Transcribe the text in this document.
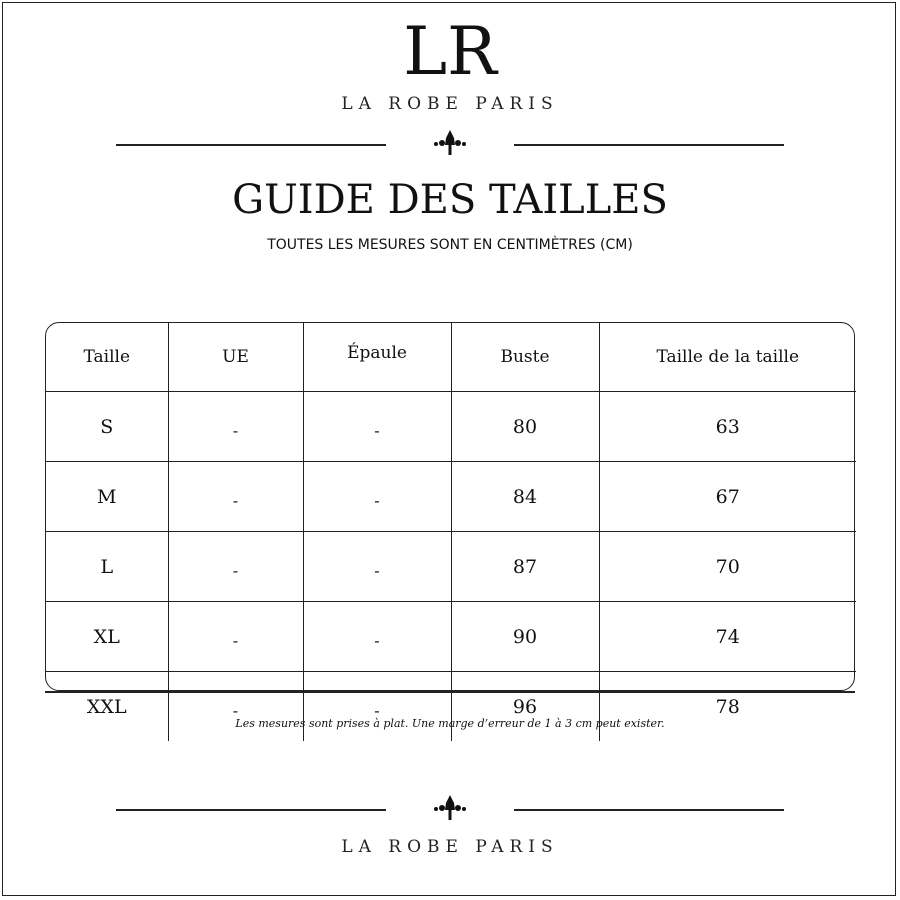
LR
LA ROBE PARIS
GUIDE DES TAILLES
TOUTES LES MESURES SONT EN CENTIMÈTRES (CM)
Taille	UE	Épaule	Buste	Taille de la taille
S	-	-	80	63
M	-	-	84	67
L	-	-	87	70
XL	-	-	90	74
XXL	-	-	96	78
Les mesures sont prises à plat. Une marge d’erreur de 1 à 3 cm peut exister.
LA ROBE PARIS
